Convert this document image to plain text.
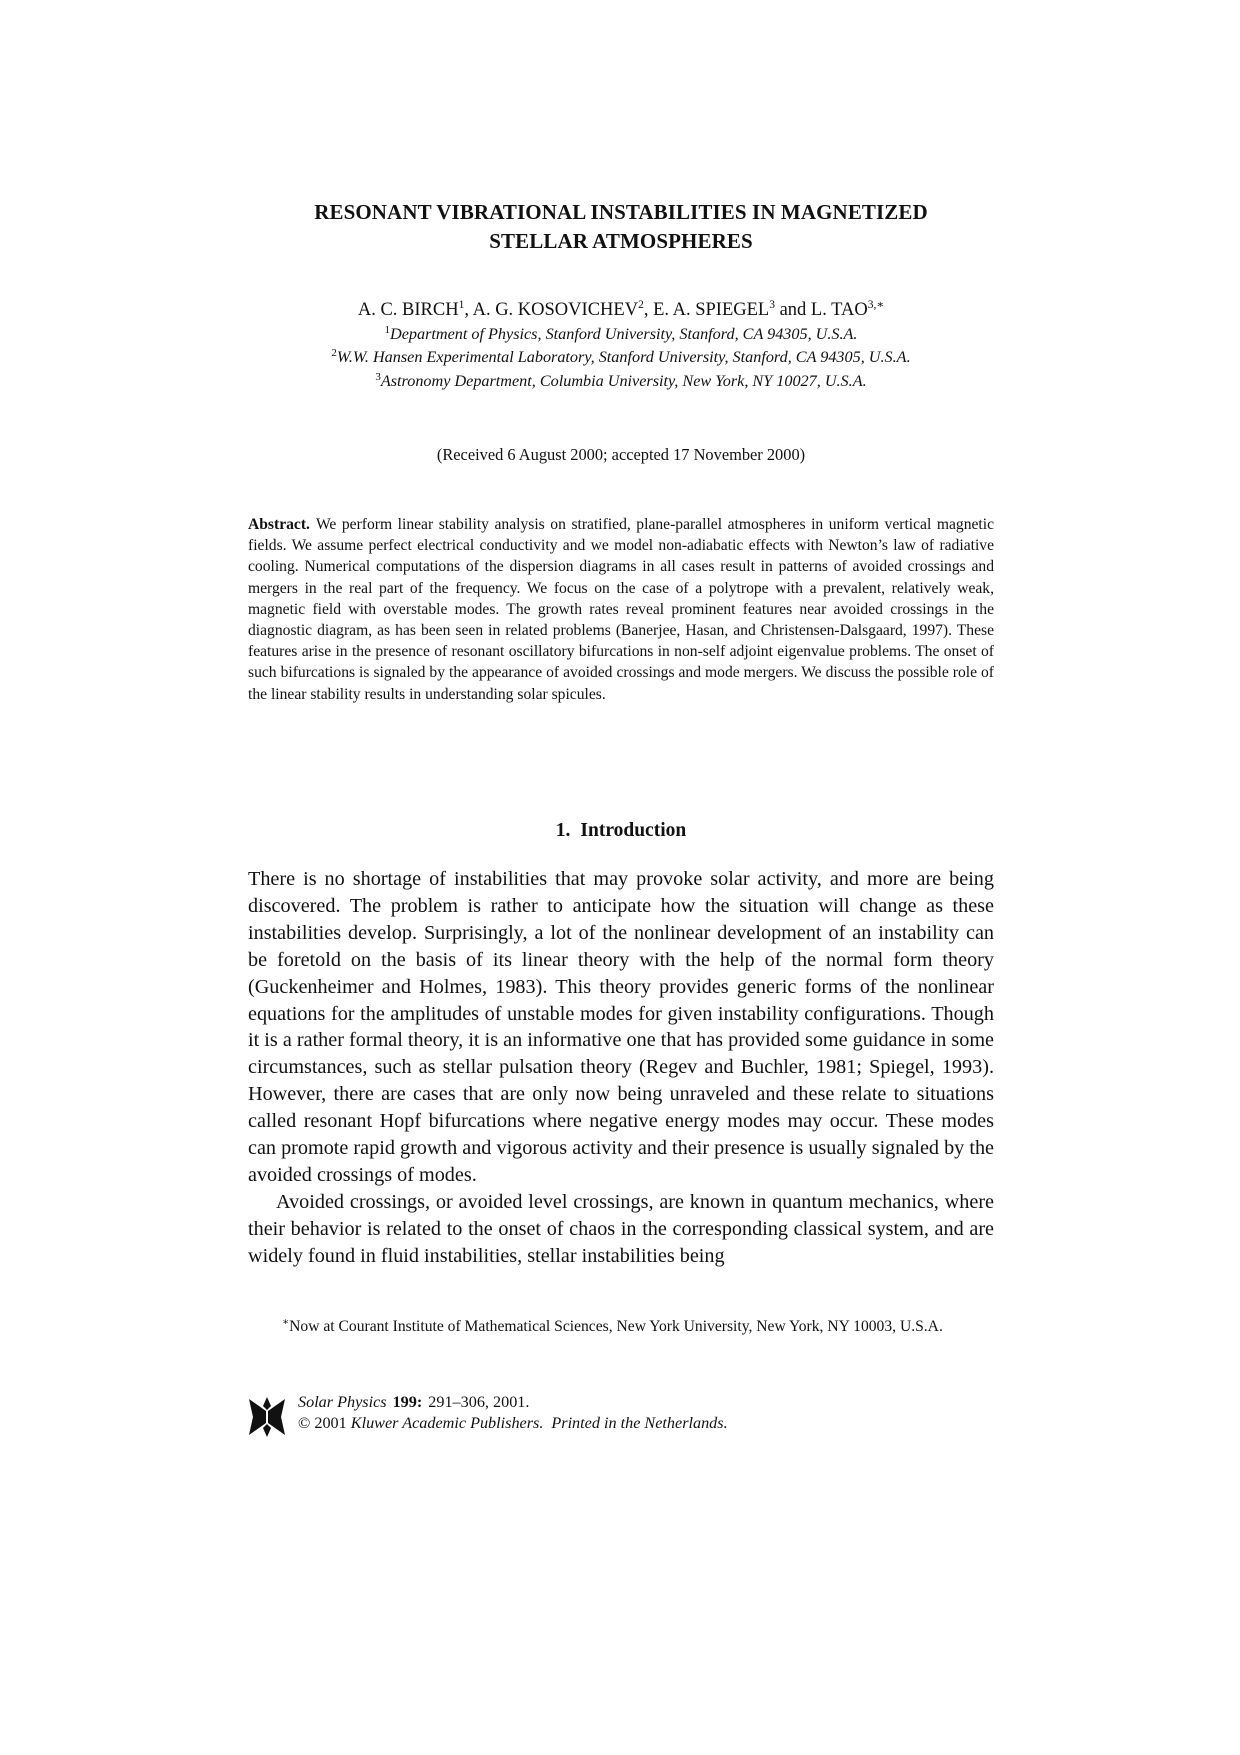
RESONANT VIBRATIONAL INSTABILITIES IN MAGNETIZED
STELLAR ATMOSPHERES
A. C. BIRCH$^1$, A. G. KOSOVICHEV$^2$, E. A. SPIEGEL$^3$ and L. $TAO^{3,∗}$
$^1$Department of Physics, Stanford University, Stanford, CA 94305, U.S.A.
$^2$W.W. Hansen Experimental Laboratory, Stanford University, Stanford, CA 94305, U.S.A.
$^3$Astronomy Department, Columbia University, New York, NY 10027, U.S.A.
(Received 6 August 2000; accepted 17 November 2000)
Abstract. We perform linear stability analysis on stratified, plane-parallel atmospheres in uniform vertical magnetic fields. We assume perfect electrical conductivity and we model non-adiabatic effects with Newton’s law of radiative cooling. Numerical computations of the dispersion diagrams in all cases result in patterns of avoided crossings and mergers in the real part of the frequency. We focus on the case of a polytrope with a prevalent, relatively weak, magnetic field with overstable modes. The growth rates reveal prominent features near avoided crossings in the diagnostic diagram, as has been seen in related problems (Banerjee, Hasan, and Christensen-Dalsgaard, 1997). These features arise in the presence of resonant oscillatory bifurcations in non-self adjoint eigenvalue problems. The onset of such bifurcations is signaled by the appearance of avoided crossings and mode mergers. We discuss the possible role of the linear stability results in understanding solar spicules.
1. Introduction

There is no shortage of instabilities that may provoke solar activity, and more are being discovered. The problem is rather to anticipate how the situation will change as these instabilities develop. Surprisingly, a lot of the nonlinear development of an instability can be foretold on the basis of its linear theory with the help of the normal form theory (Guckenheimer and Holmes, 1983). This theory provides generic forms of the nonlinear equations for the amplitudes of unstable modes for given instability configurations. Though it is a rather formal theory, it is an informative one that has provided some guidance in some circumstances, such as stellar pulsation theory (Regev and Buchler, 1981; Spiegel, 1993). However, there are cases that are only now being unraveled and these relate to situations called resonant Hopf bifurcations where negative energy modes may occur. These modes can promote rapid growth and vigorous activity and their presence is usually signaled by the avoided crossings of modes.

Avoided crossings, or avoided level crossings, are known in quantum mechanics, where their behavior is related to the onset of chaos in the corresponding classical system, and are widely found in fluid instabilities, stellar instabilities being

∗Now at Courant Institute of Mathematical Sciences, New York University, New York, NY 10003, U.S.A.
Solar Physics 199: 291–306, 2001.
© 2001 Kluwer Academic Publishers. Printed in the Netherlands.
